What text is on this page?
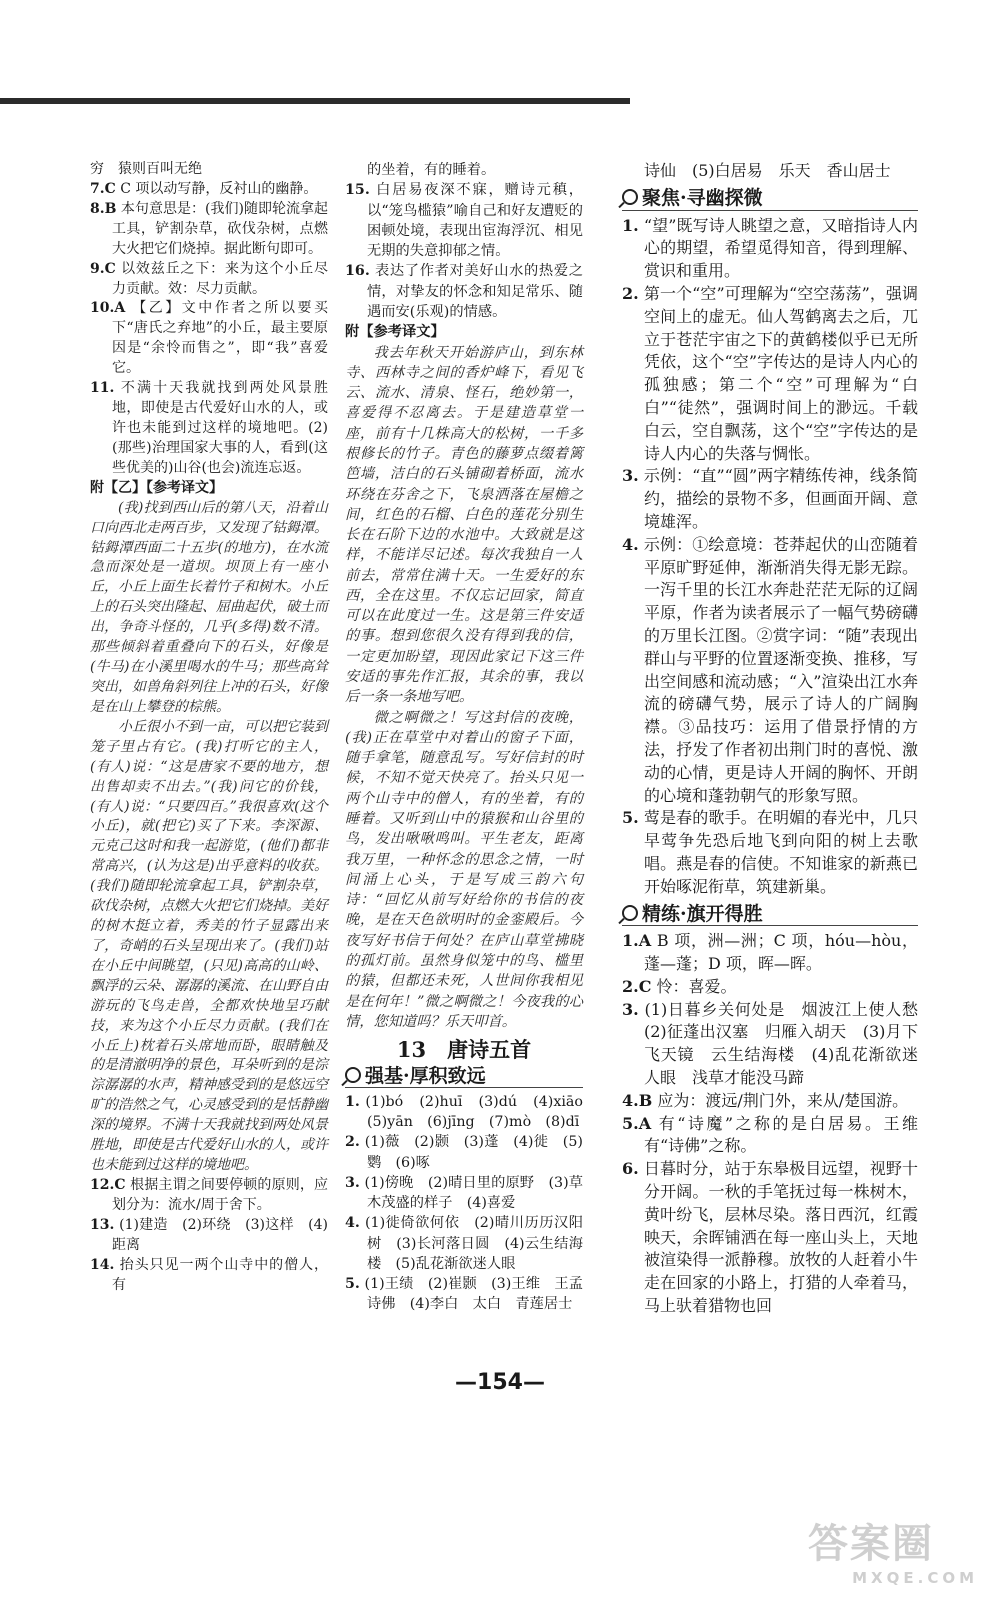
穷　猿则百叫无绝

7.C C 项以动写静，反衬山的幽静。

8.B 本句意思是：(我们)随即轮流拿起工具，铲割杂草，砍伐杂树，点燃大火把它们烧掉。据此断句即可。

9.C 以效兹丘之下：来为这个小丘尽力贡献。效：尽力贡献。

10.A 【乙】文中作者之所以要买下“唐氏之弃地”的小丘，最主要原因是“余怜而售之”，即“我”喜爱它。

11. 不满十天我就找到两处风景胜地，即使是古代爱好山水的人，或许也未能到过这样的境地吧。(2)(那些)治理国家大事的人，看到(这些优美的)山谷(也会)流连忘返。

附【乙】【参考译文】

(我)找到西山后的第八天，沿着山口向西北走两百步，又发现了钴鉧潭。钴鉧潭西面二十五步(的地方)，在水流急而深处是一道坝。坝顶上有一座小丘，小丘上面生长着竹子和树木。小丘上的石头突出隆起、屈曲起伏，破土而出，争奇斗怪的，几乎(多得)数不清。那些倾斜着重叠向下的石头，好像是(牛马)在小溪里喝水的牛马；那些高耸突出，如兽角斜列往上冲的石头，好像是在山上攀登的棕熊。

小丘很小不到一亩，可以把它装到笼子里占有它。(我)打听它的主人，(有人)说：“这是唐家不要的地方，想出售却卖不出去。”(我)问它的价钱，(有人)说：“只要四百。”我很喜欢(这个小丘)，就(把它)买了下来。李深源、元克己这时和我一起游览，(他们)都非常高兴，(认为这是)出乎意料的收获。(我们)随即轮流拿起工具，铲割杂草，砍伐杂树，点燃大火把它们烧掉。美好的树木挺立着，秀美的竹子显露出来了，奇峭的石头呈现出来了。(我们)站在小丘中间眺望，(只见)高高的山岭、飘浮的云朵、潺潺的溪流、在山野自由游玩的飞鸟走兽，全都欢快地呈巧献技，来为这个小丘尽力贡献。(我们在小丘上)枕着石头席地而卧，眼睛触及的是清澈明净的景色，耳朵听到的是淙淙潺潺的水声，精神感受到的是悠远空旷的浩然之气，心灵感受到的是恬静幽深的境界。不满十天我就找到两处风景胜地，即使是古代爱好山水的人，或许也未能到过这样的境地吧。

12.C 根据主谓之间要停顿的原则，应划分为：流水/周于舍下。

13. (1)建造　(2)环绕　(3)这样　(4)距离

14. 抬头只见一两个山寺中的僧人，有

的坐着，有的睡着。

15. 白居易夜深不寐，赠诗元稹，以“笼鸟槛猿”喻自己和好友遭贬的困顿处境，表现出宦海浮沉、相见无期的失意抑郁之情。

16. 表达了作者对美好山水的热爱之情，对挚友的怀念和知足常乐、随遇而安(乐观)的情感。

附【参考译文】

我去年秋天开始游庐山，到东林寺、西林寺之间的香炉峰下，看见飞云、流水、清泉、怪石，绝妙第一，喜爱得不忍离去。于是建造草堂一座，前有十几株高大的松树，一千多根修长的竹子。青色的藤萝点缀着篱笆墙，洁白的石头铺砌着桥面，流水环绕在芬舍之下，飞泉洒落在屋檐之间，红色的石榴、白色的莲花分别生长在石阶下边的水池中。大致就是这样，不能详尽记述。每次我独自一人前去，常常住满十天。一生爱好的东西，全在这里。不仅忘记回家，简直可以在此度过一生。这是第三件安适的事。想到您很久没有得到我的信，一定更加盼望，现因此家记下这三件安适的事先作汇报，其余的事，我以后一条一条地写吧。

微之啊微之！写这封信的夜晚，(我)正在草堂中对着山的窗子下面，随手拿笔，随意乱写。写好信封的时候，不知不觉天快亮了。抬头只见一两个山寺中的僧人，有的坐着，有的睡着。又听到山中的猿猴和山谷里的鸟，发出啾啾鸣叫。平生老友，距离我万里，一种怀念的思念之情，一时间涌上心头，于是写成三韵六句诗：“回忆从前写好给你的书信的夜晚，是在天色欲明时的金銮殿后。今夜写好书信于何处？在庐山草堂拂晓的孤灯前。虽然身似笼中的鸟、槛里的猿，但都还未死，人世间你我相见是在何年！”微之啊微之！今夜我的心情，您知道吗？乐天叩首。

13　唐诗五首
强基·厚积致远

1. (1)bó　(2)huī　(3)dú　(4)xiāo　(5)yān　(6)jīng　(7)mò　(8)dī

2. (1)薇　(2)颢　(3)蓬　(4)徙　(5)鹦　(6)啄

3. (1)傍晚　(2)晴日里的原野　(3)草木茂盛的样子　(4)喜爱

4. (1)徙倚欲何依　(2)晴川历历汉阳树　(3)长河落日圆　(4)云生结海楼　(5)乱花渐欲迷人眼

5. (1)王绩　(2)崔颢　(3)王维　王孟　诗佛　(4)李白　太白　青莲居士

诗仙　(5)白居易　乐天　香山居士

聚焦·寻幽探微

1. “望”既写诗人眺望之意，又暗指诗人内心的期望，希望觅得知音，得到理解、赏识和重用。

2. 第一个“空”可理解为“空空荡荡”，强调空间上的虚无。仙人驾鹤离去之后，兀立于苍茫宇宙之下的黄鹤楼似乎已无所凭依，这个“空”字传达的是诗人内心的孤独感；第二个“空”可理解为“白白”“徒然”，强调时间上的渺远。千载白云，空自飘荡，这个“空”字传达的是诗人内心的失落与惆怅。

3. 示例：“直”“圆”两字精练传神，线条简约，描绘的景物不多，但画面开阔、意境雄浑。

4. 示例：①绘意境：苍莽起伏的山峦随着平原旷野延伸，渐渐消失得无影无踪。一泻千里的长江水奔赴茫茫无际的辽阔平原，作者为读者展示了一幅气势磅礴的万里长江图。②赏字词：“随”表现出群山与平野的位置逐渐变换、推移，写出空间感和流动感；“入”渲染出江水奔流的磅礴气势，展示了诗人的广阔胸襟。③品技巧：运用了借景抒情的方法，抒发了作者初出荆门时的喜悦、激动的心情，更是诗人开阔的胸怀、开朗的心境和蓬勃朝气的形象写照。

5. 莺是春的歌手。在明媚的春光中，几只早莺争先恐后地飞到向阳的树上去歌唱。燕是春的信使。不知谁家的新燕已开始啄泥衔草，筑建新巢。

精练·旗开得胜

1.A B 项，洲—洲；C 项，hóu—hòu，蓬—蓬；D 项，晖—晖。

2.C 怜：喜爱。

3. (1)日暮乡关何处是　烟波江上使人愁　(2)征蓬出汉塞　归雁入胡天　(3)月下飞天镜　云生结海楼　(4)乱花渐欲迷人眼　浅草才能没马蹄

4.B 应为：渡远/荆门外，来从/楚国游。

5.A 有“诗魔”之称的是白居易。王维有“诗佛”之称。

6. 日暮时分，站于东皋极目远望，视野十分开阔。一秋的手笔抚过每一株树木，黄叶纷飞，层林尽染。落日西沉，红霞映天，余晖铺洒在每一座山头上，天地被渲染得一派静穆。放牧的人赶着小牛走在回家的小路上，打猎的人牵着马，马上驮着猎物也回

—154—
答案圈
MXQE.COM
